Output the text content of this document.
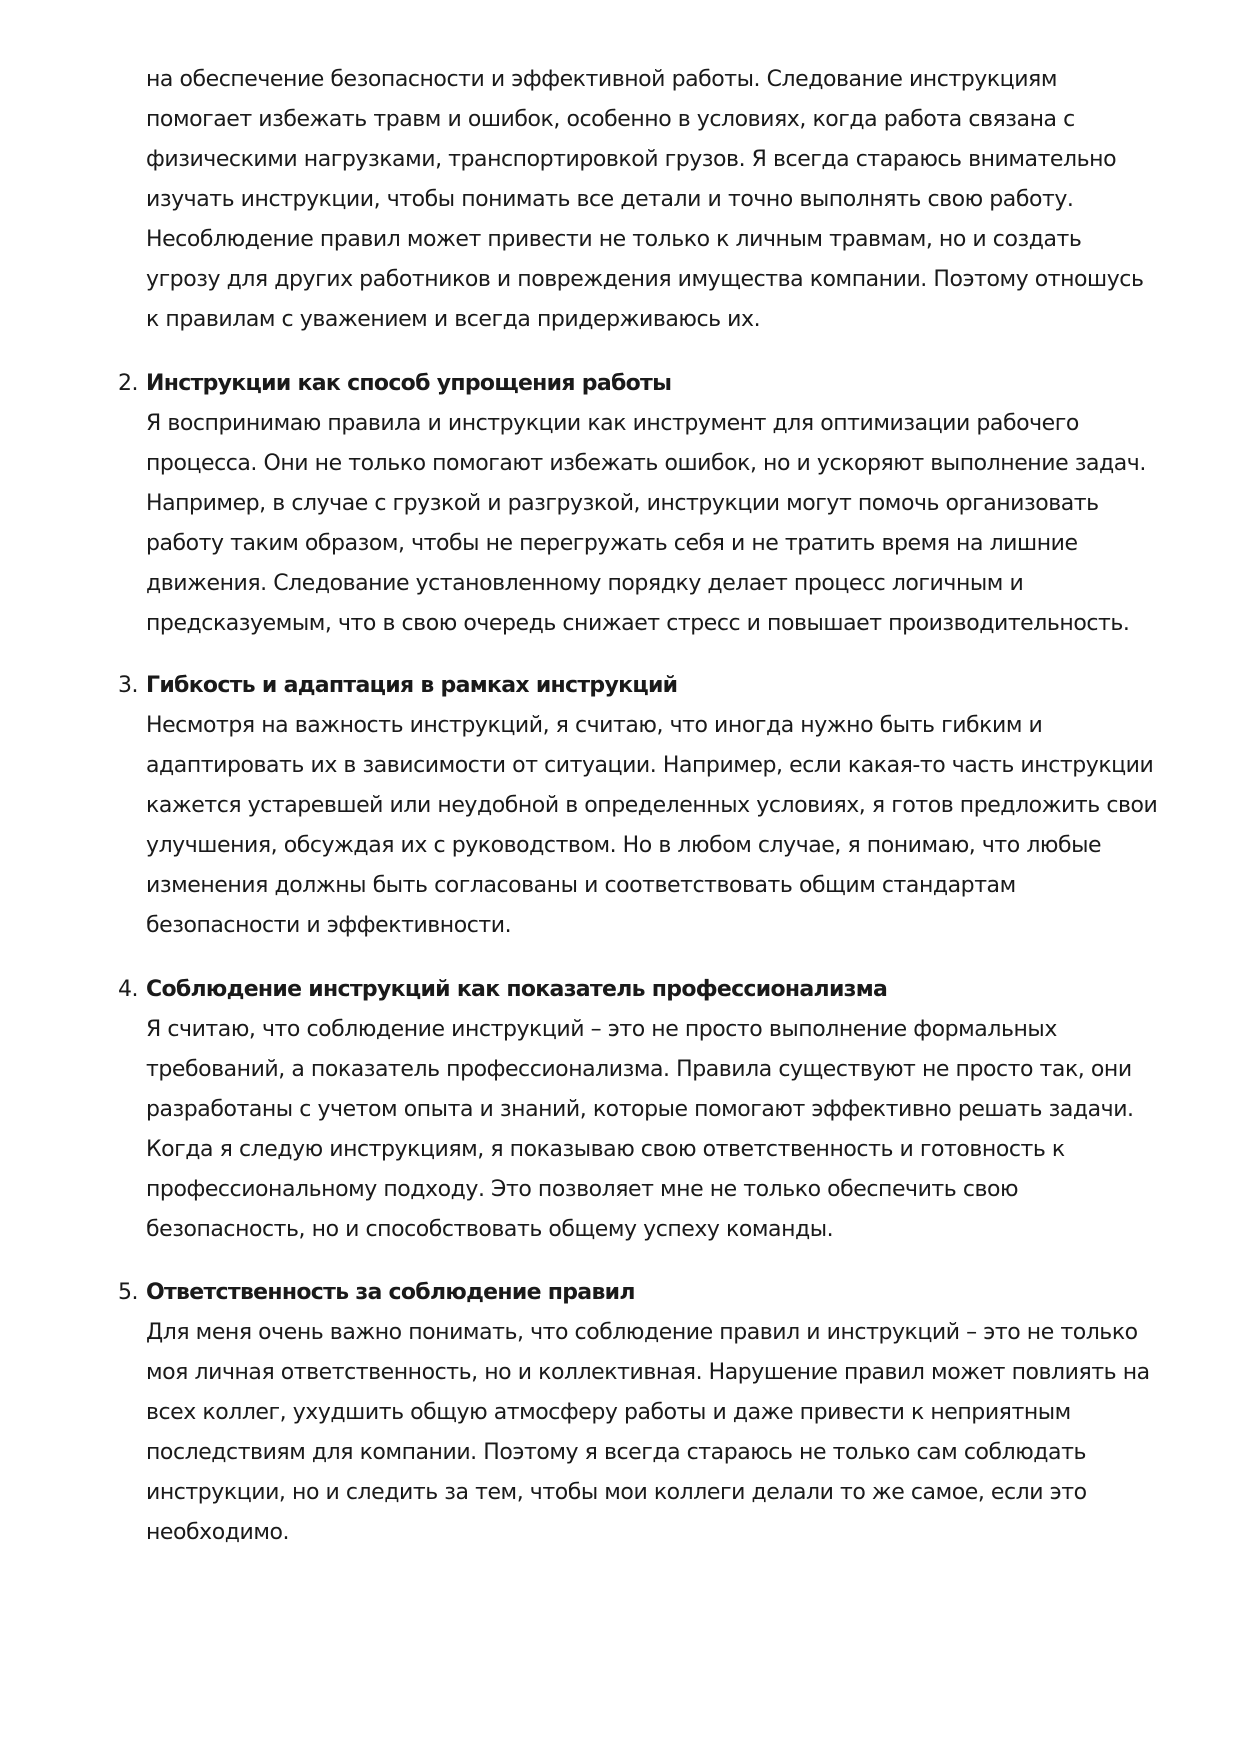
на обеспечение безопасности и эффективной работы. Следование инструкциям помогает избежать травм и ошибок, особенно в условиях, когда работа связана с физическими нагрузками, транспортировкой грузов. Я всегда стараюсь внимательно изучать инструкции, чтобы понимать все детали и точно выполнять свою работу. Несоблюдение правил может привести не только к личным травмам, но и создать угрозу для других работников и повреждения имущества компании. Поэтому отношусь к правилам с уважением и всегда придерживаюсь их.

2. Инструкции как способ упрощения работы
Я воспринимаю правила и инструкции как инструмент для оптимизации рабочего процесса. Они не только помогают избежать ошибок, но и ускоряют выполнение задач. Например, в случае с грузкой и разгрузкой, инструкции могут помочь организовать работу таким образом, чтобы не перегружать себя и не тратить время на лишние движения. Следование установленному порядку делает процесс логичным и предсказуемым, что в свою очередь снижает стресс и повышает производительность.
3. Гибкость и адаптация в рамках инструкций
Несмотря на важность инструкций, я считаю, что иногда нужно быть гибким и адаптировать их в зависимости от ситуации. Например, если какая-то часть инструкции кажется устаревшей или неудобной в определенных условиях, я готов предложить свои улучшения, обсуждая их с руководством. Но в любом случае, я понимаю, что любые изменения должны быть согласованы и соответствовать общим стандартам безопасности и эффективности.
4. Соблюдение инструкций как показатель профессионализма
Я считаю, что соблюдение инструкций – это не просто выполнение формальных требований, а показатель профессионализма. Правила существуют не просто так, они разработаны с учетом опыта и знаний, которые помогают эффективно решать задачи. Когда я следую инструкциям, я показываю свою ответственность и готовность к профессиональному подходу. Это позволяет мне не только обеспечить свою безопасность, но и способствовать общему успеху команды.
5. Ответственность за соблюдение правил
Для меня очень важно понимать, что соблюдение правил и инструкций – это не только моя личная ответственность, но и коллективная. Нарушение правил может повлиять на всех коллег, ухудшить общую атмосферу работы и даже привести к неприятным последствиям для компании. Поэтому я всегда стараюсь не только сам соблюдать инструкции, но и следить за тем, чтобы мои коллеги делали то же самое, если это необходимо.
